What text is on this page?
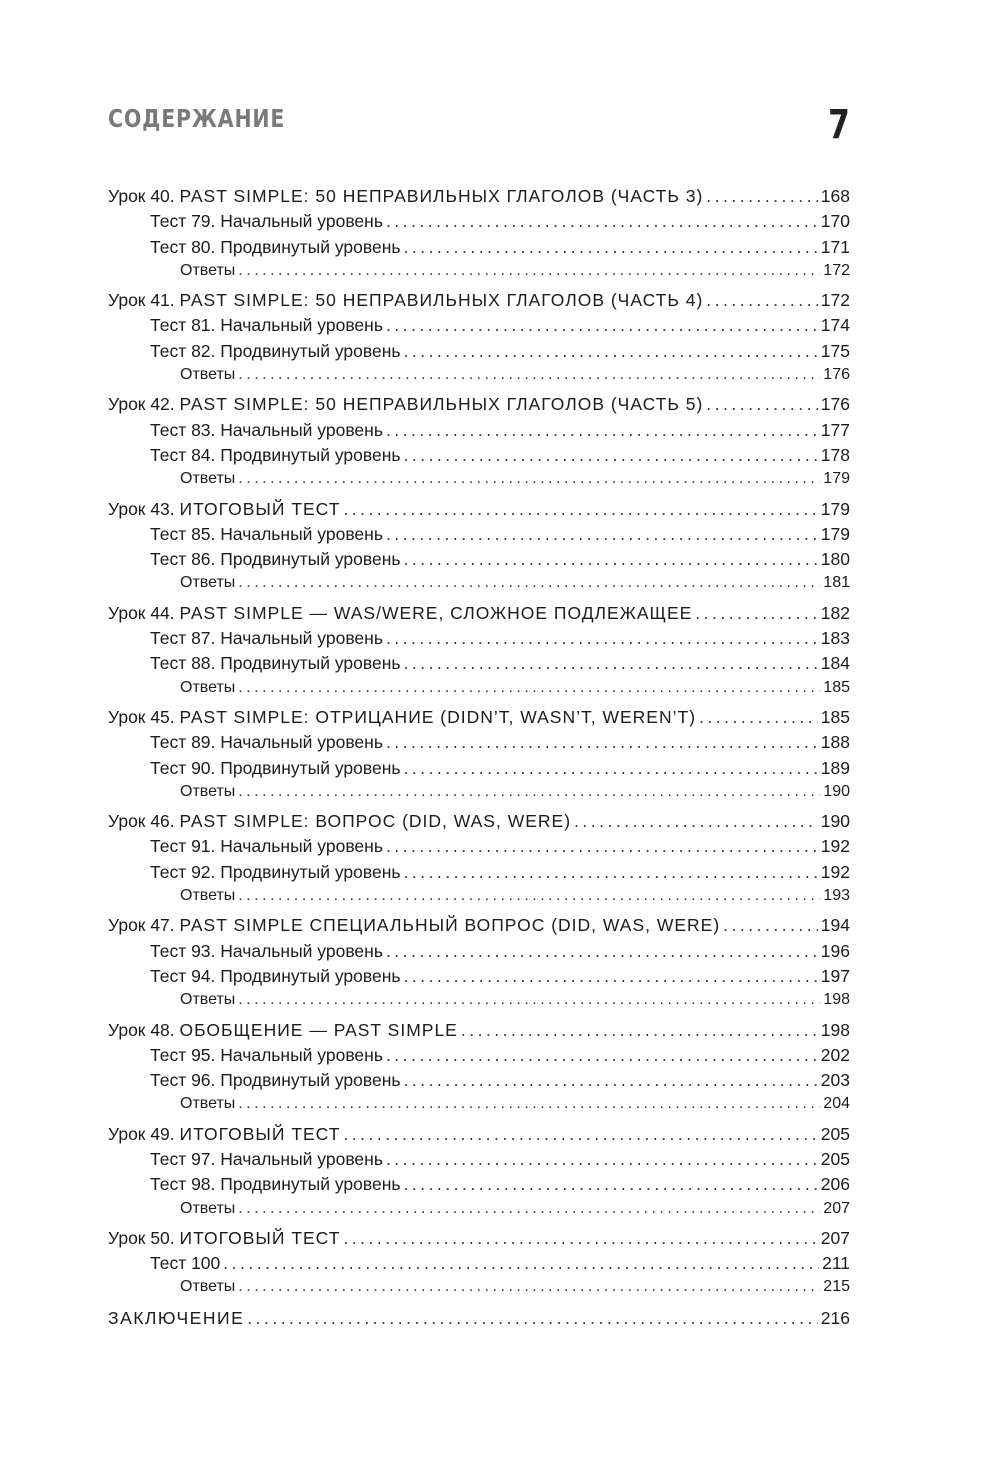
СОДЕРЖАНИЕ	7
Урок 40. PAST SIMPLE: 50 НЕПРАВИЛЬНЫХ ГЛАГОЛОВ (ЧАСТЬ 3) .....	168
Тест 79. Начальный уровень .....	170
Тест 80. Продвинутый уровень .....	171
Ответы .....	172
Урок 41. PAST SIMPLE: 50 НЕПРАВИЛЬНЫХ ГЛАГОЛОВ (ЧАСТЬ 4) .....	172
Тест 81. Начальный уровень .....	174
Тест 82. Продвинутый уровень .....	175
Ответы .....	176
Урок 42. PAST SIMPLE: 50 НЕПРАВИЛЬНЫХ ГЛАГОЛОВ (ЧАСТЬ 5) .....	176
Тест 83. Начальный уровень .....	177
Тест 84. Продвинутый уровень .....	178
Ответы .....	179
Урок 43. ИТОГОВЫЙ ТЕСТ .....	179
Тест 85. Начальный уровень .....	179
Тест 86. Продвинутый уровень .....	180
Ответы .....	181
Урок 44. PAST SIMPLE — WAS/WERE, СЛОЖНОЕ ПОДЛЕЖАЩЕЕ .....	182
Тест 87. Начальный уровень .....	183
Тест 88. Продвинутый уровень .....	184
Ответы .....	185
Урок 45. PAST SIMPLE: ОТРИЦАНИЕ (DIDN’T, WASN’T, WEREN’T) .....	185
Тест 89. Начальный уровень .....	188
Тест 90. Продвинутый уровень .....	189
Ответы .....	190
Урок 46. PAST SIMPLE: ВОПРОС (DID, WAS, WERE) .....	190
Тест 91. Начальный уровень .....	192
Тест 92. Продвинутый уровень .....	192
Ответы .....	193
Урок 47. PAST SIMPLE СПЕЦИАЛЬНЫЙ ВОПРОС (DID, WAS, WERE) .....	194
Тест 93. Начальный уровень .....	196
Тест 94. Продвинутый уровень .....	197
Ответы .....	198
Урок 48. ОБОБЩЕНИЕ — PAST SIMPLE .....	198
Тест 95. Начальный уровень .....	202
Тест 96. Продвинутый уровень .....	203
Ответы .....	204
Урок 49. ИТОГОВЫЙ ТЕСТ .....	205
Тест 97. Начальный уровень .....	205
Тест 98. Продвинутый уровень .....	206
Ответы .....	207
Урок 50. ИТОГОВЫЙ ТЕСТ .....	207
Тест 100 .....	211
Ответы .....	215
ЗАКЛЮЧЕНИЕ .....	216
